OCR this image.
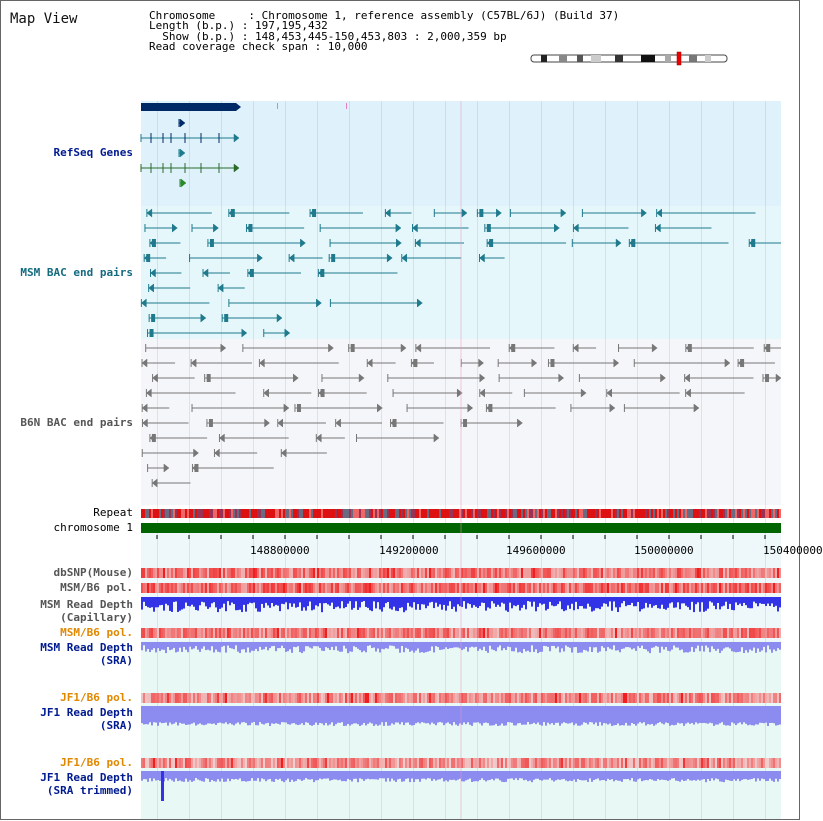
Map View	Chromosome     : Chromosome 1, reference assembly (C57BL/6J) (Build 37)
Length (b.p.) : 197,195,432
Show (b.p.) : 148,453,445-150,453,803 : 2,000,359 bp
Read coverage check span : 10,000
RefSeq Genes
MSM BAC end pairs
B6N BAC end pairs
Repeat
chromosome 1
dbSNP(Mouse)
MSM/B6 pol.
MSM Read Depth
(Capillary)
MSM/B6 pol.
MSM Read Depth
(SRA)
JF1/B6 pol.
JF1 Read Depth
(SRA)
JF1/B6 pol.
JF1 Read Depth
(SRA trimmed)
148800000	149200000	149600000	150000000	150400000
